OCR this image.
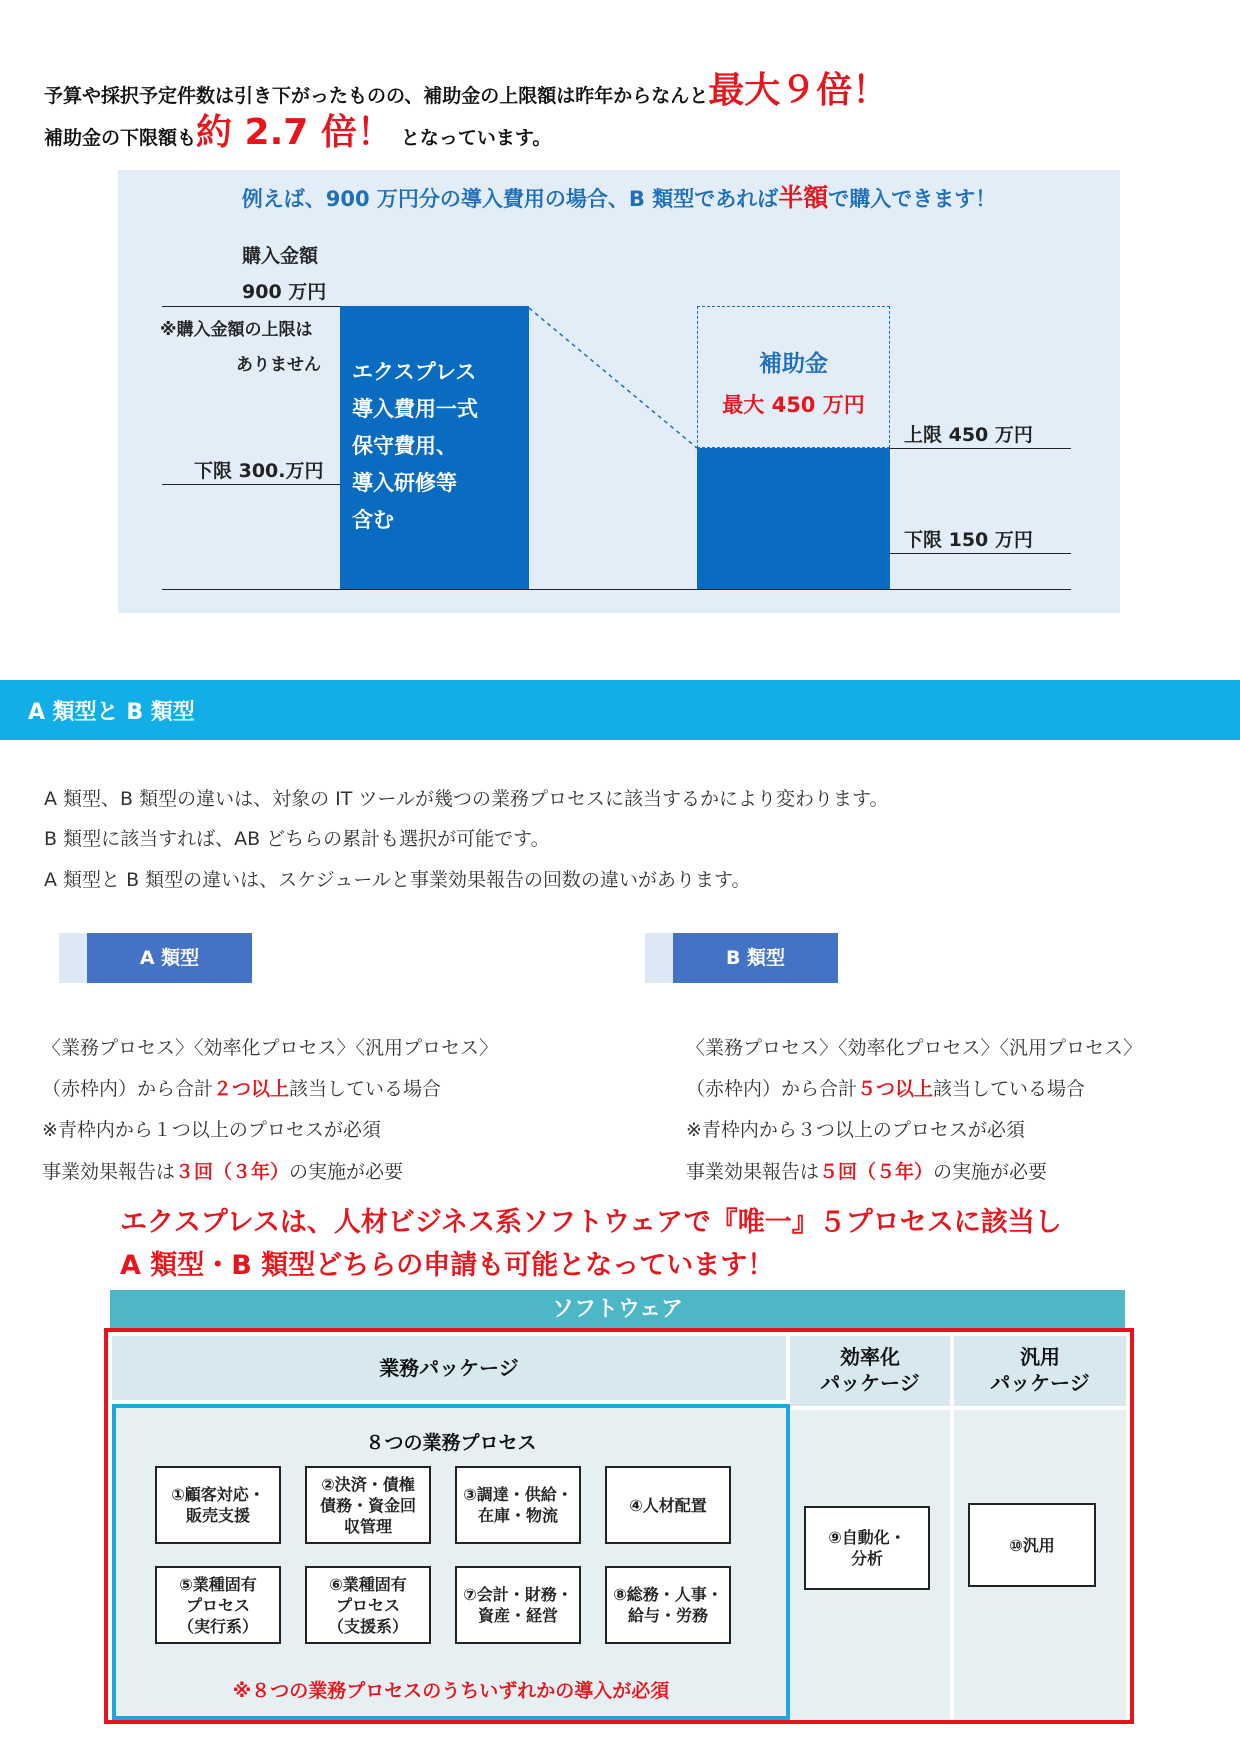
予算や採択予定件数は引き下がったものの、補助金の上限額は昨年からなんと最大９倍！
補助金の下限額も約 2.7 倍！ となっています。
例えば、900 万円分の導入費用の場合、B 類型であれば半額で購入できます！
購入金額
900 万円
※購入金額の上限は
ありません
下限 300.万円
エクスプレス
導入費用一式
保守費用、
導入研修等
含む
補助金
最大 450 万円
上限 450 万円
下限 150 万円
A 類型と B 類型
A 類型、B 類型の違いは、対象の IT ツールが幾つの業務プロセスに該当するかにより変わります。
B 類型に該当すれば、AB どちらの累計も選択が可能です。
A 類型と B 類型の違いは、スケジュールと事業効果報告の回数の違いがあります。
A 類型	B 類型
〈業務プロセス〉〈効率化プロセス〉〈汎用プロセス〉
（赤枠内）から合計２つ以上該当している場合
※青枠内から１つ以上のプロセスが必須
事業効果報告は３回（３年）の実施が必要
〈業務プロセス〉〈効率化プロセス〉〈汎用プロセス〉
（赤枠内）から合計５つ以上該当している場合
※青枠内から３つ以上のプロセスが必須
事業効果報告は５回（５年）の実施が必要
エクスプレスは、人材ビジネス系ソフトウェアで『唯一』５プロセスに該当し
A 類型・B 類型どちらの申請も可能となっています！
ソフトウェア
業務パッケージ	効率化
パッケージ
汎用
パッケージ
８つの業務プロセス
①顧客対応・
販売支援
②決済・債権
債務・資金回
収管理
③調達・供給・
在庫・物流
④人材配置
⑤業種固有
プロセス
（実行系）
⑥業種固有
プロセス
（支援系）
⑦会計・財務・
資産・経営
⑧総務・人事・
給与・労務
⑨自動化・
分析
⑩汎用
※８つの業務プロセスのうちいずれかの導入が必須
